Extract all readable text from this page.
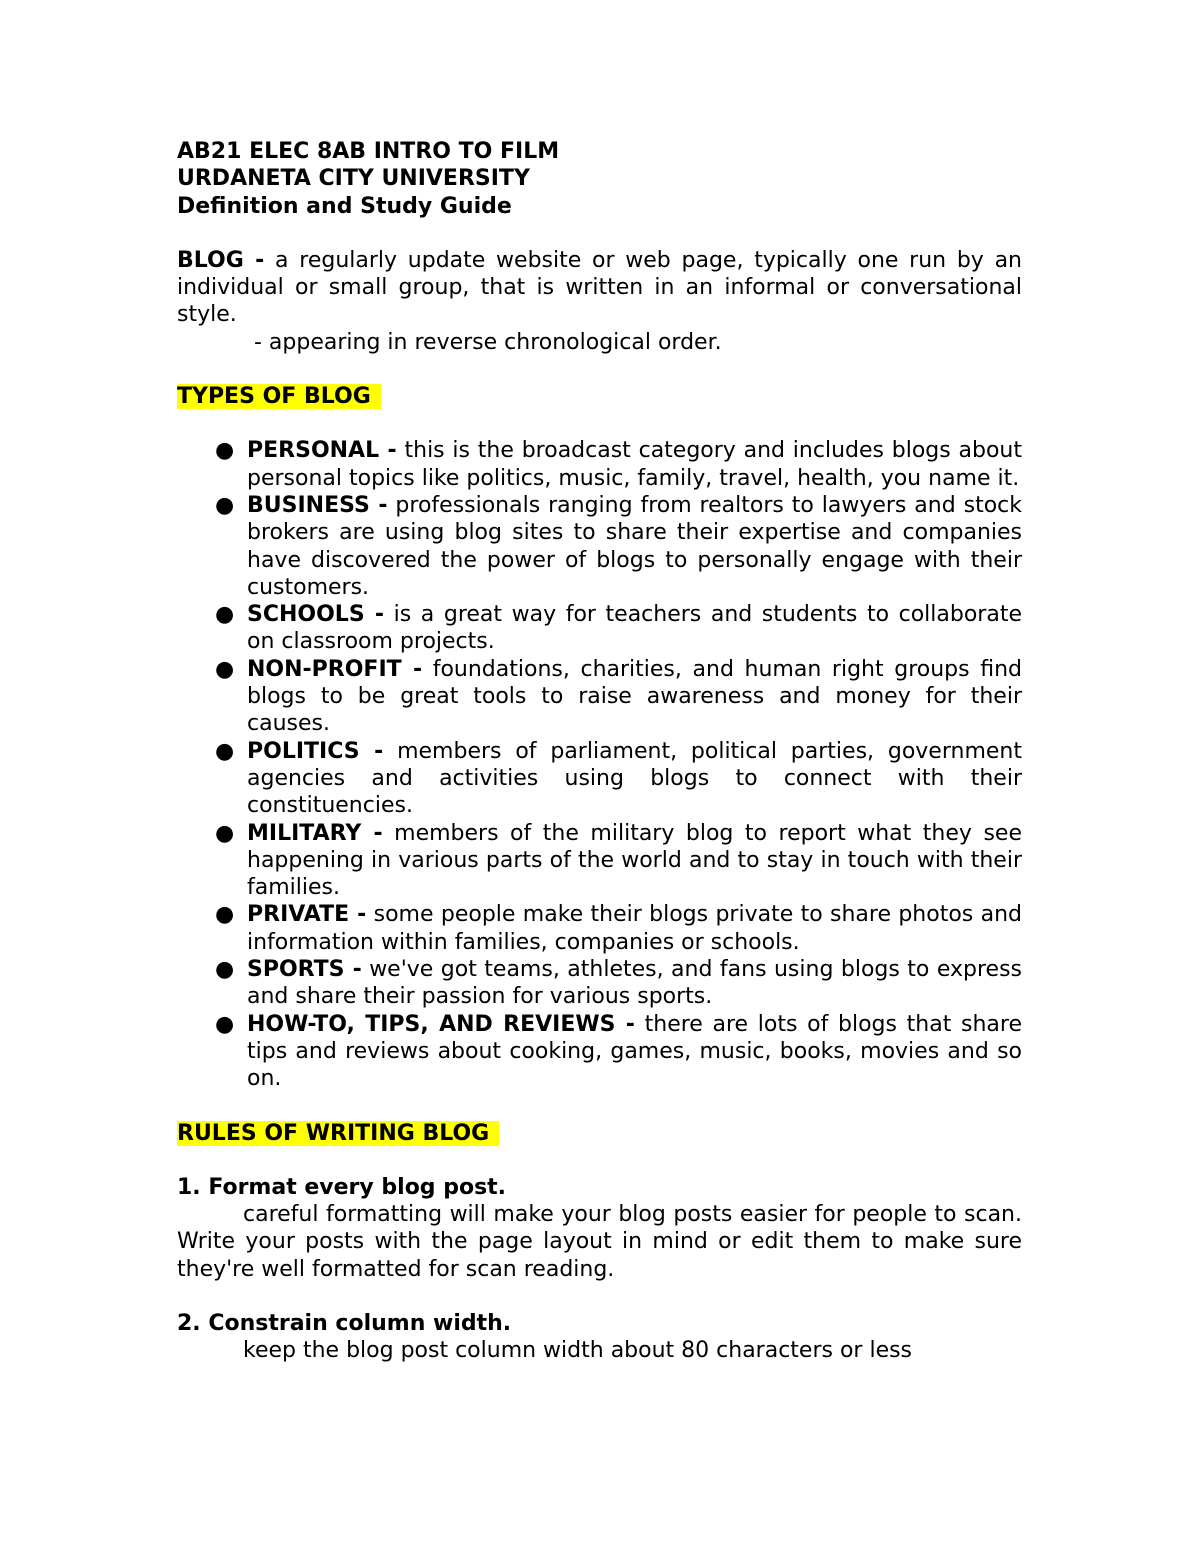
AB21 ELEC 8AB INTRO TO FILM

URDANETA CITY UNIVERSITY

Definition and Study Guide

BLOG - a regularly update website or web page, typically one run by an individual or small group, that is written in an informal or conversational style.

- appearing in reverse chronological order.

TYPES OF BLOG

● PERSONAL - this is the broadcast category and includes blogs about personal topics like politics, music, family, travel, health, you name it.
● BUSINESS - professionals ranging from realtors to lawyers and stock brokers are using blog sites to share their expertise and companies have discovered the power of blogs to personally engage with their customers.
● SCHOOLS - is a great way for teachers and students to collaborate on classroom projects.
● NON-PROFIT - foundations, charities, and human right groups find blogs to be great tools to raise awareness and money for their causes.
● POLITICS - members of parliament, political parties, government agencies and activities using blogs to connect with their constituencies.
● MILITARY - members of the military blog to report what they see happening in various parts of the world and to stay in touch with their families.
● PRIVATE - some people make their blogs private to share photos and information within families, companies or schools.
● SPORTS - we've got teams, athletes, and fans using blogs to express and share their passion for various sports.
● HOW-TO, TIPS, AND REVIEWS - there are lots of blogs that share tips and reviews about cooking, games, music, books, movies and so on.

RULES OF WRITING BLOG

1. Format every blog post.

careful formatting will make your blog posts easier for people to scan. Write your posts with the page layout in mind or edit them to make sure they're well formatted for scan reading.

2. Constrain column width.

keep the blog post column width about 80 characters or less
